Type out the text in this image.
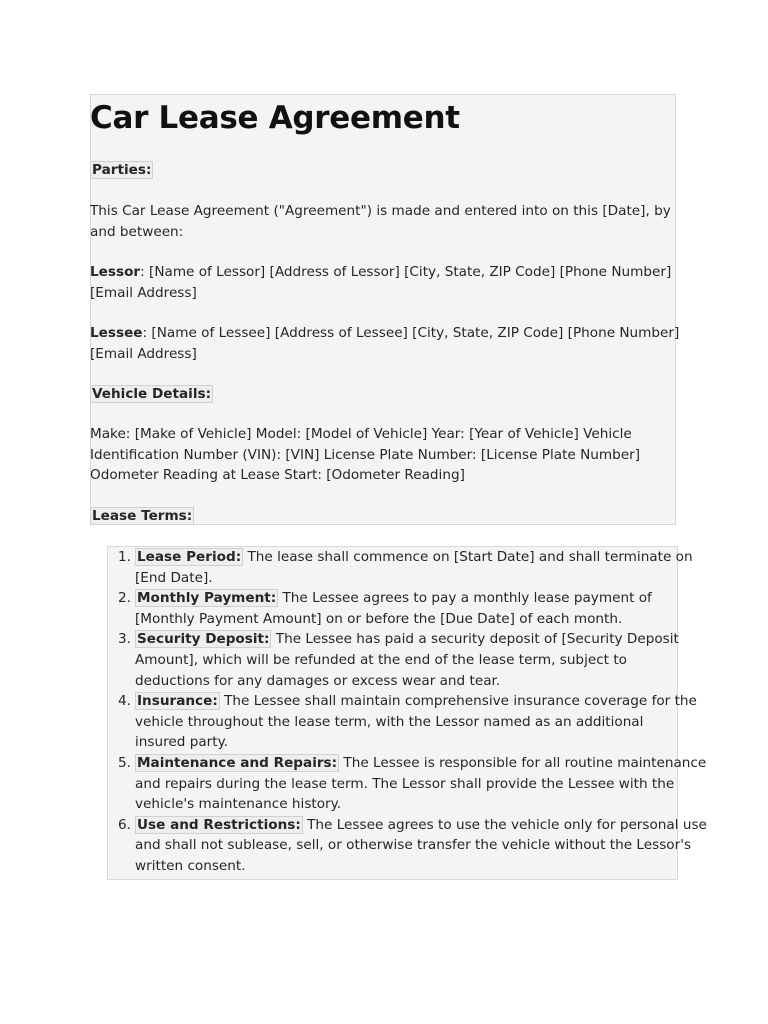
Car Lease Agreement

Parties:

This Car Lease Agreement ("Agreement") is made and entered into on this [Date], by
and between:

Lessor: [Name of Lessor] [Address of Lessor] [City, State, ZIP Code] [Phone Number]
[Email Address]

Lessee: [Name of Lessee] [Address of Lessee] [City, State, ZIP Code] [Phone Number]
[Email Address]

Vehicle Details:

Make: [Make of Vehicle] Model: [Model of Vehicle] Year: [Year of Vehicle] Vehicle
Identification Number (VIN): [VIN] License Plate Number: [License Plate Number]
Odometer Reading at Lease Start: [Odometer Reading]

Lease Terms:

1. Lease Period: The lease shall commence on [Start Date] and shall terminate on
[End Date].
2. Monthly Payment: The Lessee agrees to pay a monthly lease payment of
[Monthly Payment Amount] on or before the [Due Date] of each month.
3. Security Deposit: The Lessee has paid a security deposit of [Security Deposit
Amount], which will be refunded at the end of the lease term, subject to
deductions for any damages or excess wear and tear.
4. Insurance: The Lessee shall maintain comprehensive insurance coverage for the
vehicle throughout the lease term, with the Lessor named as an additional
insured party.
5. Maintenance and Repairs: The Lessee is responsible for all routine maintenance
and repairs during the lease term. The Lessor shall provide the Lessee with the
vehicle's maintenance history.
6. Use and Restrictions: The Lessee agrees to use the vehicle only for personal use
and shall not sublease, sell, or otherwise transfer the vehicle without the Lessor's
written consent.
